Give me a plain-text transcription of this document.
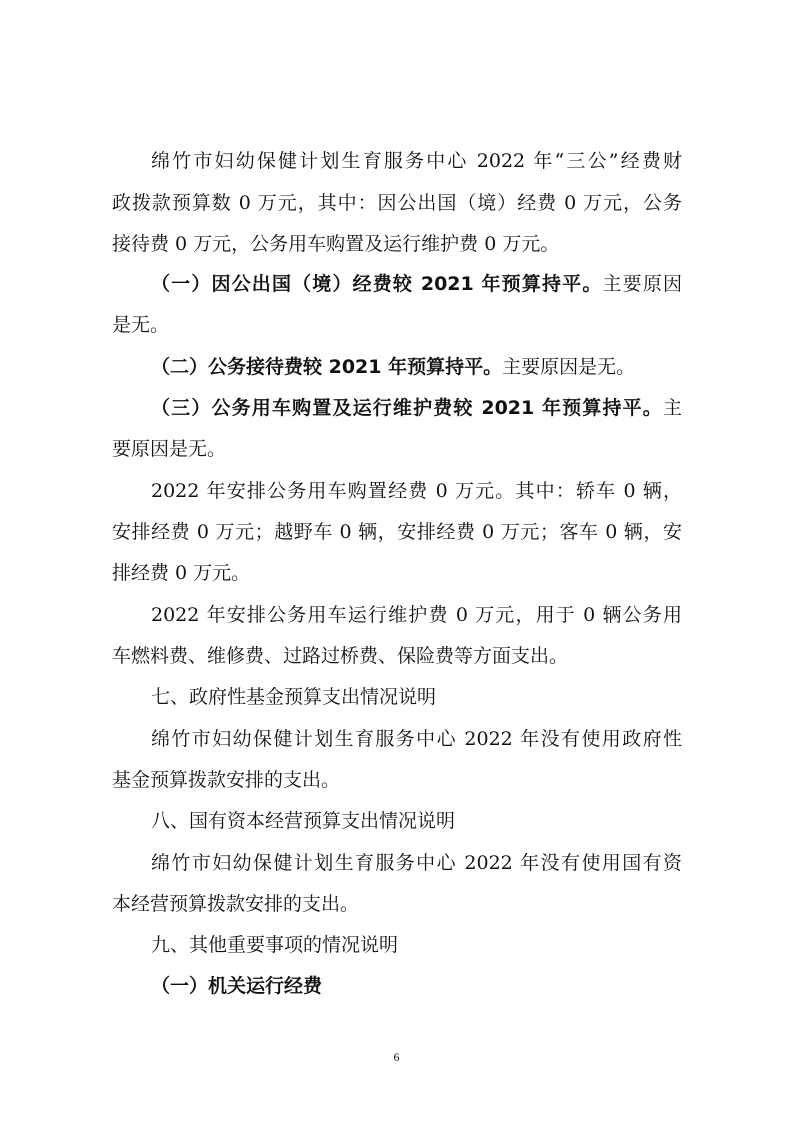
绵竹市妇幼保健计划生育服务中心 2022 年“三公”经费财
政拨款预算数 0 万元，其中：因公出国（境）经费 0 万元，公务
接待费 0 万元，公务用车购置及运行维护费 0 万元。
（一）因公出国（境）经费较 2021 年预算持平。主要原因
是无。
（二）公务接待费较 2021 年预算持平。主要原因是无。
（三）公务用车购置及运行维护费较 2021 年预算持平。主
要原因是无。
2022 年安排公务用车购置经费 0 万元。其中：轿车 0 辆，
安排经费 0 万元；越野车 0 辆，安排经费 0 万元；客车 0 辆，安
排经费 0 万元。
2022 年安排公务用车运行维护费 0 万元，用于 0 辆公务用
车燃料费、维修费、过路过桥费、保险费等方面支出。
七、政府性基金预算支出情况说明
绵竹市妇幼保健计划生育服务中心 2022 年没有使用政府性
基金预算拨款安排的支出。
八、国有资本经营预算支出情况说明
绵竹市妇幼保健计划生育服务中心 2022 年没有使用国有资
本经营预算拨款安排的支出。
九、其他重要事项的情况说明
（一）机关运行经费
6
